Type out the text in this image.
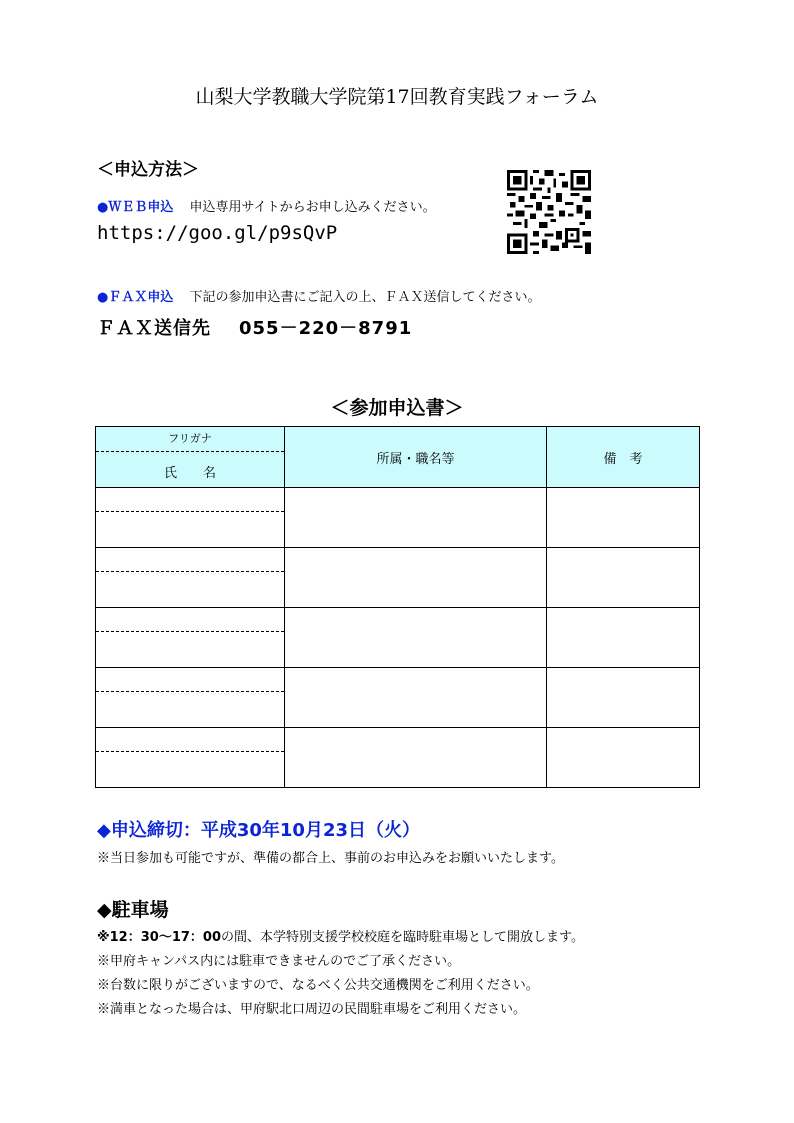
山梨大学教職大学院第17回教育実践フォーラム
＜申込方法＞
●ＷＥＢ申込 申込専用サイトからお申し込みください。
https://goo.gl/p9sQvP
●ＦＡＸ申込 下記の参加申込書にご記入の上、ＦＡＸ送信してください。
ＦＡＸ送信先 055－220－8791
＜参加申込書＞
フリガナ
氏　　名	所属・職名等	備　考

◆申込締切：平成30年10月23日（火）
※当日参加も可能ですが、準備の都合上、事前のお申込みをお願いいたします。
◆駐車場
※12：30～17：00の間、本学特別支援学校校庭を臨時駐車場として開放します。
※甲府キャンパス内には駐車できませんのでご了承ください。
※台数に限りがございますので、なるべく公共交通機関をご利用ください。
※満車となった場合は、甲府駅北口周辺の民間駐車場をご利用ください。
